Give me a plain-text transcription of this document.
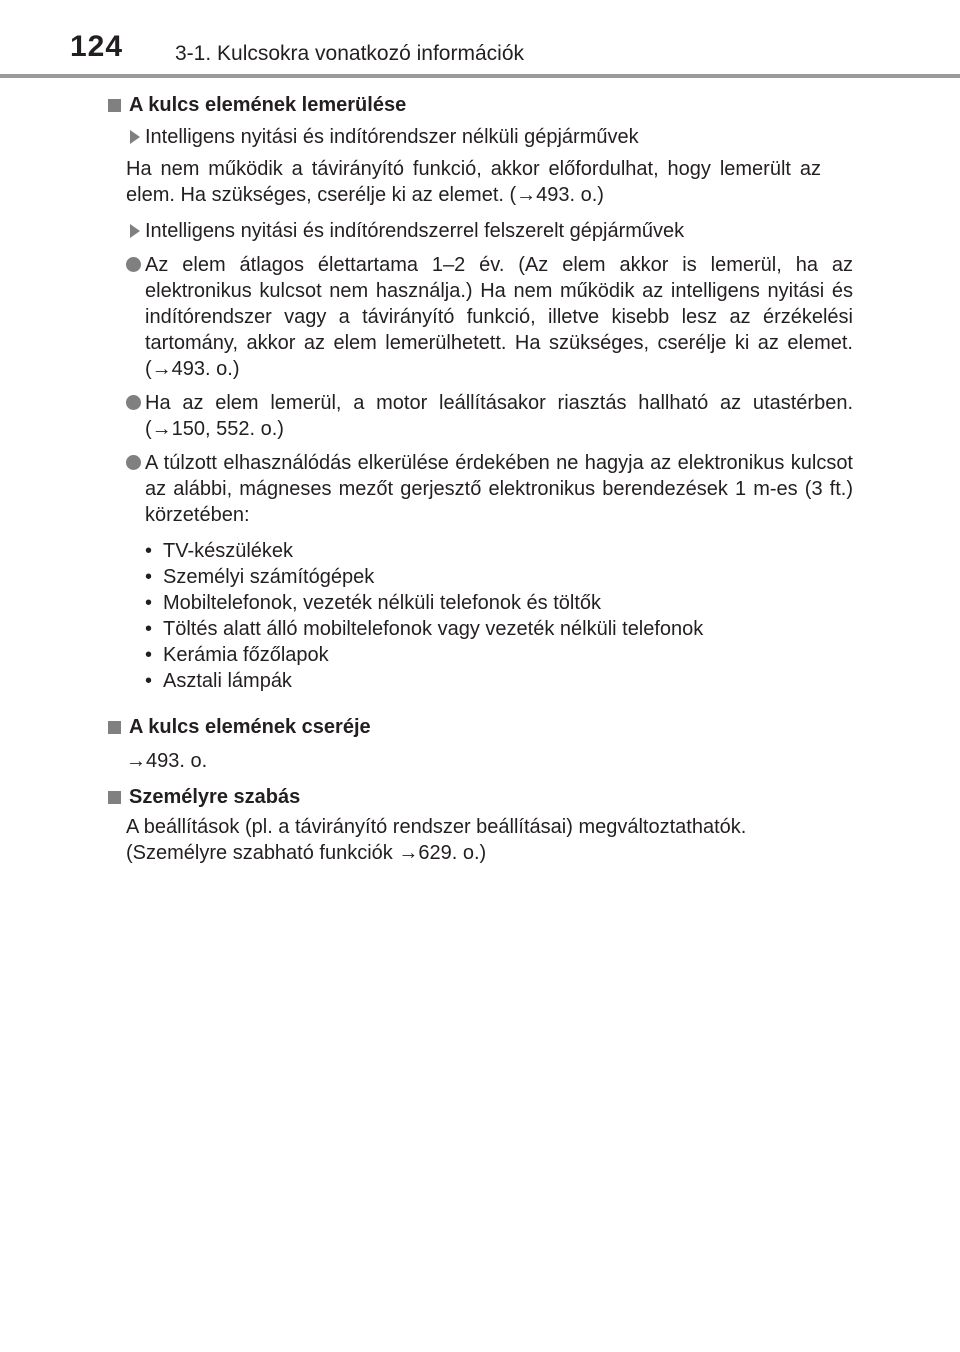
124 3-1. Kulcsokra vonatkozó információk
A kulcs elemének lemerülése
Intelligens nyitási és indítórendszer nélküli gépjárművek
Ha nem működik a távirányító funkció, akkor előfordulhat, hogy lemerült az elem. Ha szükséges, cserélje ki az elemet. (→493. o.)
Intelligens nyitási és indítórendszerrel felszerelt gépjárművek
Az elem átlagos élettartama 1–2 év. (Az elem akkor is lemerül, ha az elektronikus kulcsot nem használja.) Ha nem működik az intelligens nyitási és indítórendszer vagy a távirányító funkció, illetve kisebb lesz az érzékelési tartomány, akkor az elem lemerülhetett. Ha szükséges, cserélje ki az elemet. (→493. o.)
Ha az elem lemerül, a motor leállításakor riasztás hallható az utastérben. (→150, 552. o.)
A túlzott elhasználódás elkerülése érdekében ne hagyja az elektronikus kulcsot az alábbi, mágneses mezőt gerjesztő elektronikus berendezések 1 m-es (3 ft.) körzetében:
• TV-készülékek
• Személyi számítógépek
• Mobiltelefonok, vezeték nélküli telefonok és töltők
• Töltés alatt álló mobiltelefonok vagy vezeték nélküli telefonok
• Kerámia főzőlapok
• Asztali lámpák
A kulcs elemének cseréje
→493. o.
Személyre szabás
A beállítások (pl. a távirányító rendszer beállításai) megváltoztathatók.
(Személyre szabható funkciók →629. o.)
